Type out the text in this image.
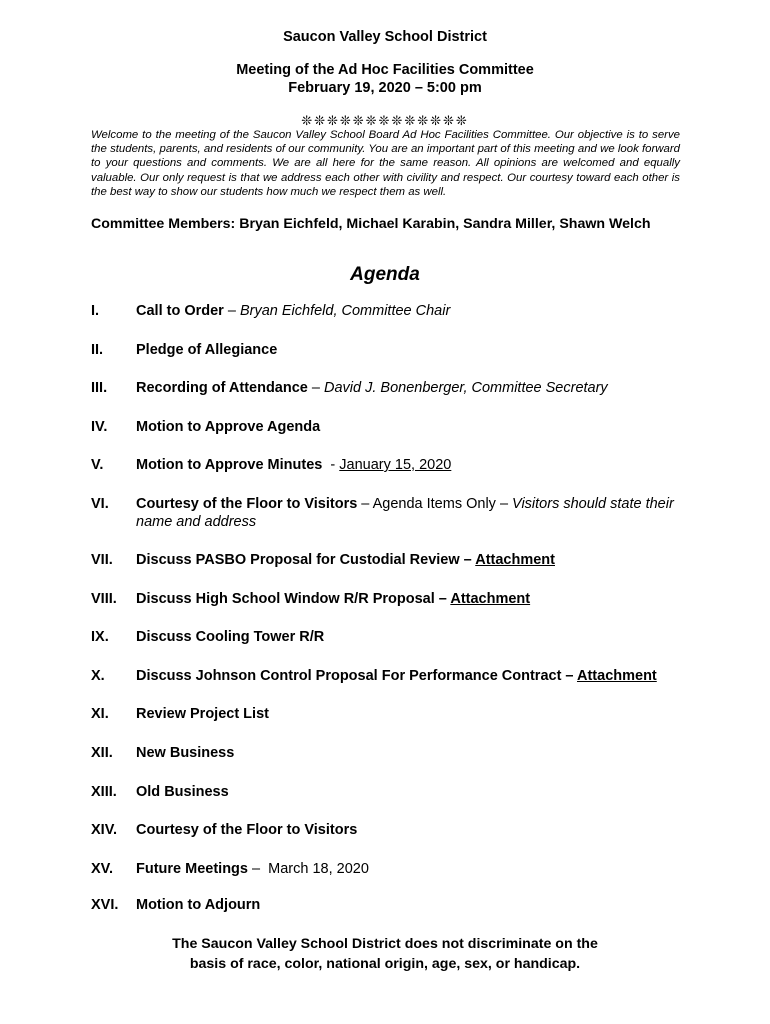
Saucon Valley School District
Meeting of the Ad Hoc Facilities Committee
February 19, 2020 – 5:00 pm
❊❊❊❊❊❊❊❊❊❊❊❊❊
Welcome to the meeting of the Saucon Valley School Board Ad Hoc Facilities Committee. Our objective is to serve the students, parents, and residents of our community. You are an important part of this meeting and we look forward to your questions and comments. We are all here for the same reason. All opinions are welcomed and equally valuable. Our only request is that we address each other with civility and respect. Our courtesy toward each other is the best way to show our students how much we respect them as well.
Committee Members: Bryan Eichfeld, Michael Karabin, Sandra Miller, Shawn Welch
Agenda
I.	Call to Order – Bryan Eichfeld, Committee Chair
II. Pledge of Allegiance
III. Recording of Attendance – David J. Bonenberger, Committee Secretary
IV. Motion to Approve Agenda
V. Motion to Approve Minutes  - January 15, 2020
VI. Courtesy of the Floor to Visitors – Agenda Items Only – Visitors should state their name and address
VII. Discuss PASBO Proposal for Custodial Review – Attachment
VIII. Discuss High School Window R/R Proposal – Attachment
IX. Discuss Cooling Tower R/R
X. Discuss Johnson Control Proposal For Performance Contract – Attachment
XI. Review Project List
XII. New Business
XIII. Old Business
XIV. Courtesy of the Floor to Visitors
XV. Future Meetings –  March 18, 2020
XVI. Motion to Adjourn
The Saucon Valley School District does not discriminate on the
basis of race, color, national origin, age, sex, or handicap.
